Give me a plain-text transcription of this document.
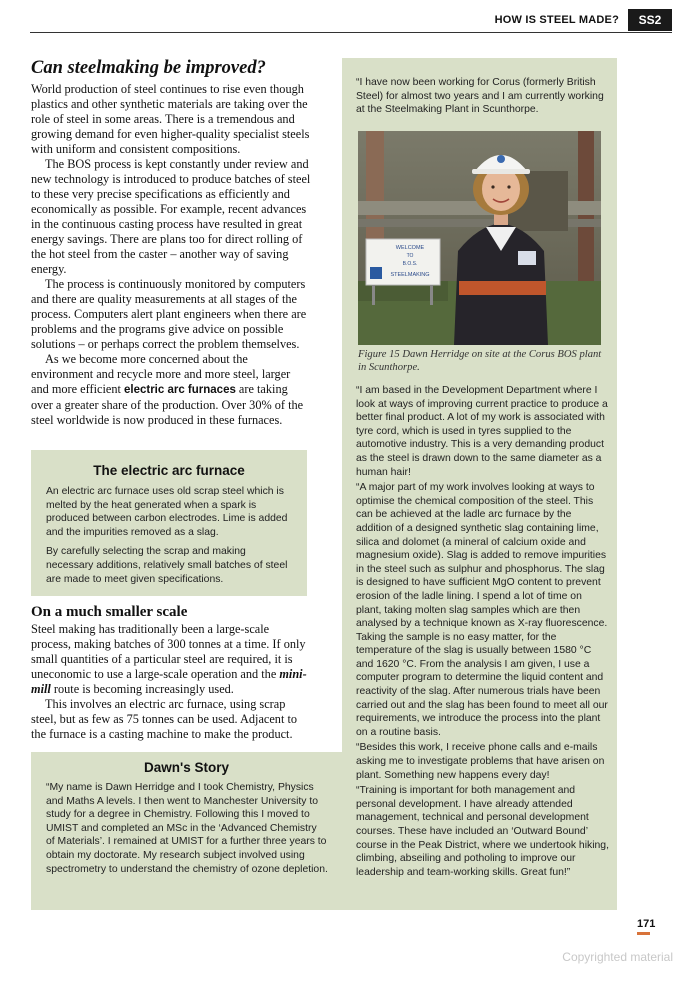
HOW IS STEEL MADE?	SS2
Can steelmaking be improved?

World production of steel continues to rise even though plastics and other synthetic materials are taking over the role of steel in some areas. There is a tremendous and growing demand for even higher-quality specialist steels with uniform and consistent compositions.

The BOS process is kept constantly under review and new technology is introduced to produce batches of steel to these very precise specifications as efficiently and economically as possible. For example, recent advances in the continuous casting process have resulted in great energy savings. There are plans too for direct rolling of the hot steel from the caster – another way of saving energy.

The process is continuously monitored by computers and there are quality measurements at all stages of the process. Computers alert plant engineers when there are problems and the programs give advice on possible solutions – or perhaps correct the problem themselves.

As we become more concerned about the environment and recycle more and more steel, larger and more efficient electric arc furnaces are taking over a greater share of the production. Over 30% of the steel worldwide is now produced in these furnaces.

The electric arc furnace

An electric arc furnace uses old scrap steel which is melted by the heat generated when a spark is produced between carbon electrodes. Lime is added and the impurities removed as a slag.

By carefully selecting the scrap and making necessary additions, relatively small batches of steel are made to meet given specifications.

On a much smaller scale

Steel making has traditionally been a large-scale process, making batches of 300 tonnes at a time. If only small quantities of a particular steel are required, it is uneconomic to use a large-scale operation and the mini-mill route is becoming increasingly used.

This involves an electric arc furnace, using scrap steel, but as few as 75 tonnes can be used. Adjacent to the furnace is a casting machine to make the product.

Dawn's Story

“My name is Dawn Herridge and I took Chemistry, Physics and Maths A levels. I then went to Manchester University to study for a degree in Chemistry. Following this I moved to UMIST and completed an MSc in the ‘Advanced Chemistry of Materials’. I remained at UMIST for a further three years to obtain my doctorate. My research subject involved using spectrometry to understand the chemistry of ozone depletion.

“I have now been working for Corus (formerly British Steel) for almost two years and I am currently working at the Steelmaking Plant in Scunthorpe.

WELCOME
TO
B.O.S.
STEELMAKING
Figure 15 Dawn Herridge on site at the Corus BOS plant in Scunthorpe.

“I am based in the Development Department where I look at ways of improving current practice to produce a better final product. A lot of my work is associated with tyre cord, which is used in tyres supplied to the automotive industry. This is a very demanding product as the steel is drawn down to the same diameter as a human hair!

“A major part of my work involves looking at ways to optimise the chemical composition of the steel. This can be achieved at the ladle arc furnace by the addition of a designed synthetic slag containing lime, silica and dolomet (a mineral of calcium oxide and magnesium oxide). Slag is added to remove impurities in the steel such as sulphur and phosphorus. The slag is designed to have sufficient MgO content to prevent erosion of the ladle lining. I spend a lot of time on plant, taking molten slag samples which are then analysed by a technique known as X-ray fluorescence. Taking the sample is no easy matter, for the temperature of the slag is usually between 1580 °C and 1620 °C. From the analysis I am given, I use a computer program to determine the liquid content and reactivity of the slag. After numerous trials have been carried out and the slag has been found to meet all our requirements, we introduce the process into the plant on a routine basis.

“Besides this work, I receive phone calls and e-mails asking me to investigate problems that have arisen on plant. Something new happens every day!

“Training is important for both management and personal development. I have already attended management, technical and personal development courses. These have included an ‘Outward Bound’ course in the Peak District, where we undertook hiking, climbing, abseiling and potholing to improve our leadership and team-working skills. Great fun!”

171
Copyrighted material
